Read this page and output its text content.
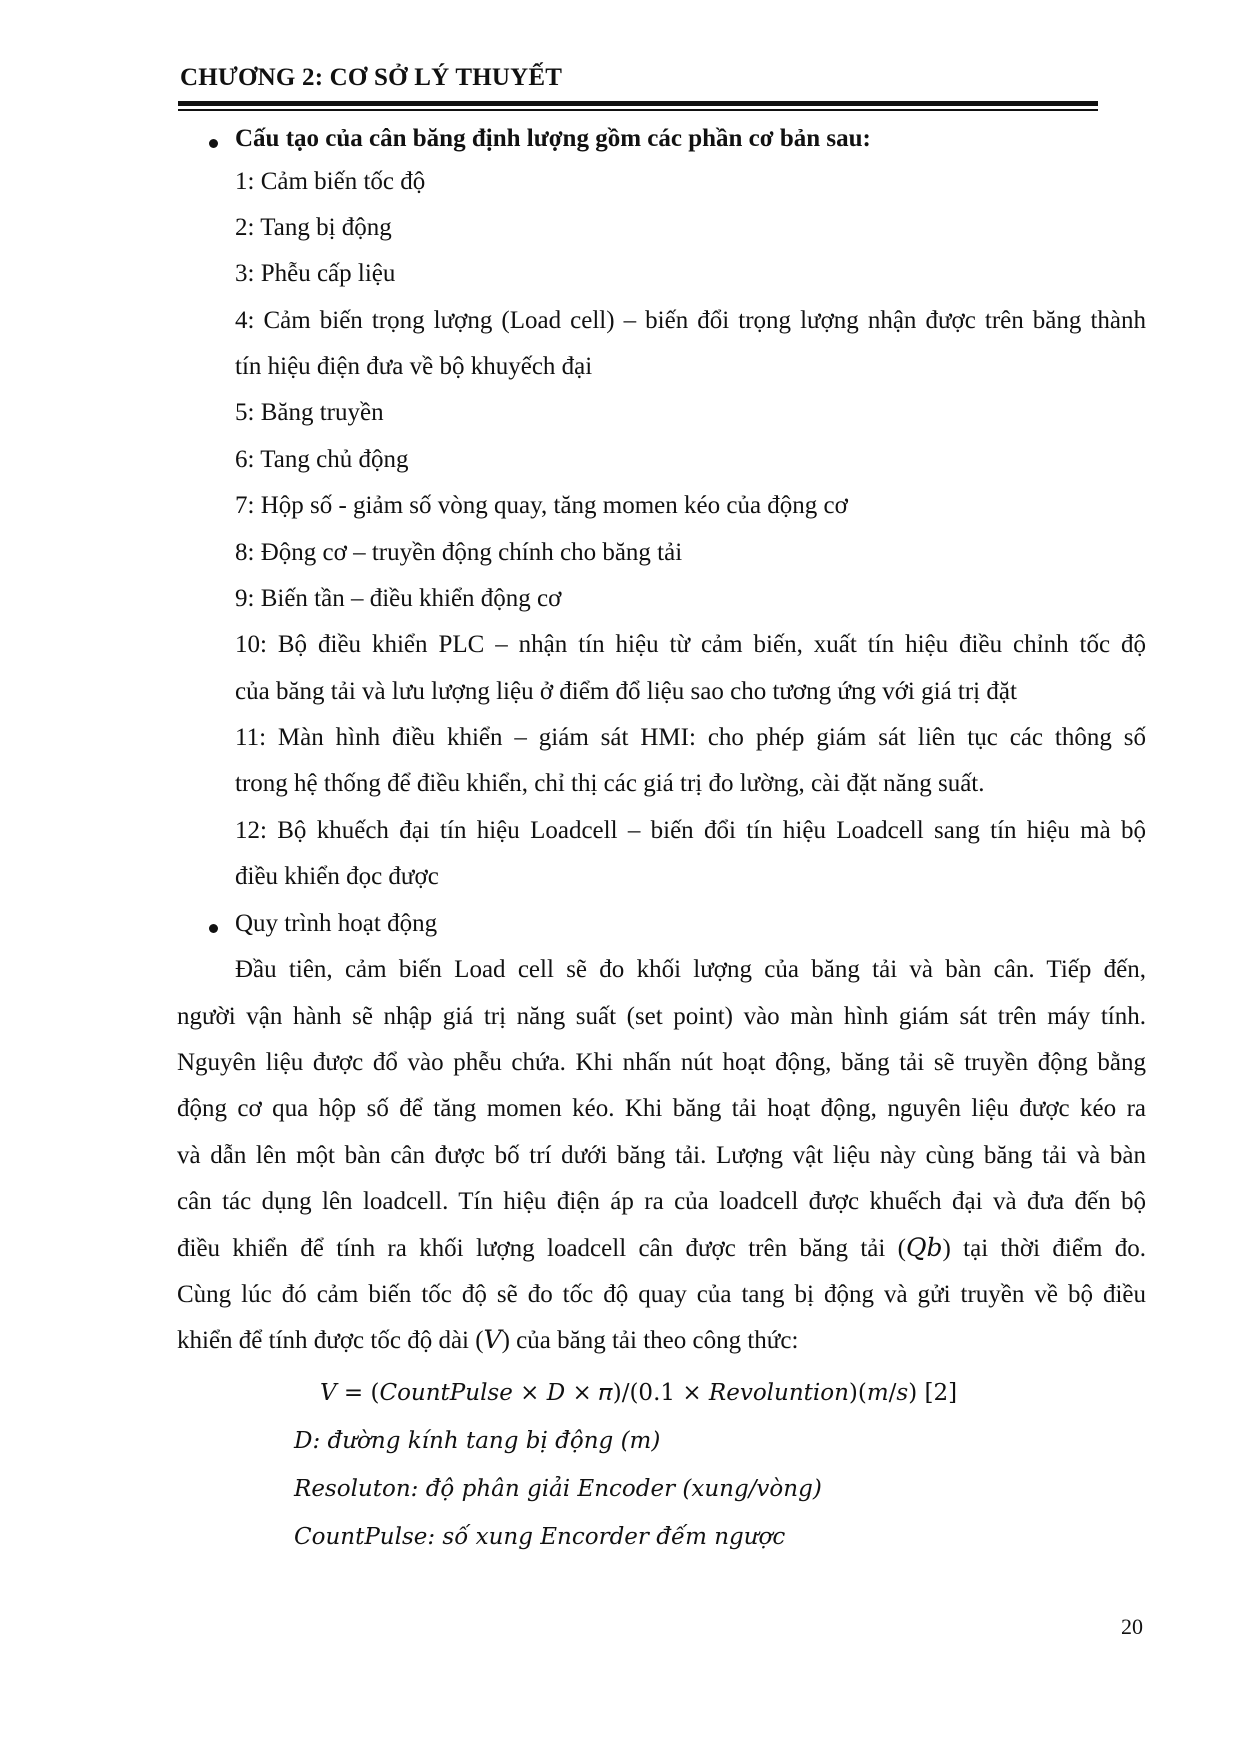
CHƯƠNG 2: CƠ SỞ LÝ THUYẾT
Cấu tạo của cân băng định lượng gồm các phần cơ bản sau:
1: Cảm biến tốc độ
2: Tang bị động
3: Phễu cấp liệu
4: Cảm biến trọng lượng (Load cell) – biến đổi trọng lượng nhận được trên băng thành
tín hiệu điện đưa về bộ khuyếch đại
5: Băng truyền
6: Tang chủ động
7: Hộp số - giảm số vòng quay, tăng momen kéo của động cơ
8: Động cơ – truyền động chính cho băng tải
9: Biến tần – điều khiển động cơ
10: Bộ điều khiển PLC – nhận tín hiệu từ cảm biến, xuất tín hiệu điều chỉnh tốc độ
của băng tải và lưu lượng liệu ở điểm đổ liệu sao cho tương ứng với giá trị đặt
11: Màn hình điều khiển – giám sát HMI: cho phép giám sát liên tục các thông số
trong hệ thống để điều khiển, chỉ thị các giá trị đo lường, cài đặt năng suất.
12: Bộ khuếch đại tín hiệu Loadcell – biến đổi tín hiệu Loadcell sang tín hiệu mà bộ
điều khiển đọc được
Quy trình hoạt động
Đầu tiên, cảm biến Load cell sẽ đo khối lượng của băng tải và bàn cân. Tiếp đến,
người vận hành sẽ nhập giá trị năng suất (set point) vào màn hình giám sát trên máy tính.
Nguyên liệu được đổ vào phễu chứa. Khi nhấn nút hoạt động, băng tải sẽ truyền động bằng
động cơ qua hộp số để tăng momen kéo. Khi băng tải hoạt động, nguyên liệu được kéo ra
và dẫn lên một bàn cân được bố trí dưới băng tải. Lượng vật liệu này cùng băng tải và bàn
cân tác dụng lên loadcell. Tín hiệu điện áp ra của loadcell được khuếch đại và đưa đến bộ
điều khiển để tính ra khối lượng loadcell cân được trên băng tải (𝑄𝑏) tại thời điểm đo.
Cùng lúc đó cảm biến tốc độ sẽ đo tốc độ quay của tang bị động và gửi truyền về bộ điều
khiển để tính được tốc độ dài (𝑉) của băng tải theo công thức:
𝑉 = (𝐶𝑜𝑢𝑛𝑡𝑃𝑢𝑙𝑠𝑒 × 𝐷 × 𝜋)/(0.1 × 𝑅𝑒𝑣𝑜𝑙𝑢𝑛𝑡𝑖𝑜𝑛)(𝑚/𝑠) [2]
𝐷: đường kính tang bị động (𝑚)
𝑅𝑒𝑠𝑜𝑙𝑢𝑡𝑜𝑛: độ phân giải Encoder (xung/vòng)
𝐶𝑜𝑢𝑛𝑡𝑃𝑢𝑙𝑠𝑒: số xung Encorder đếm ngược
20
